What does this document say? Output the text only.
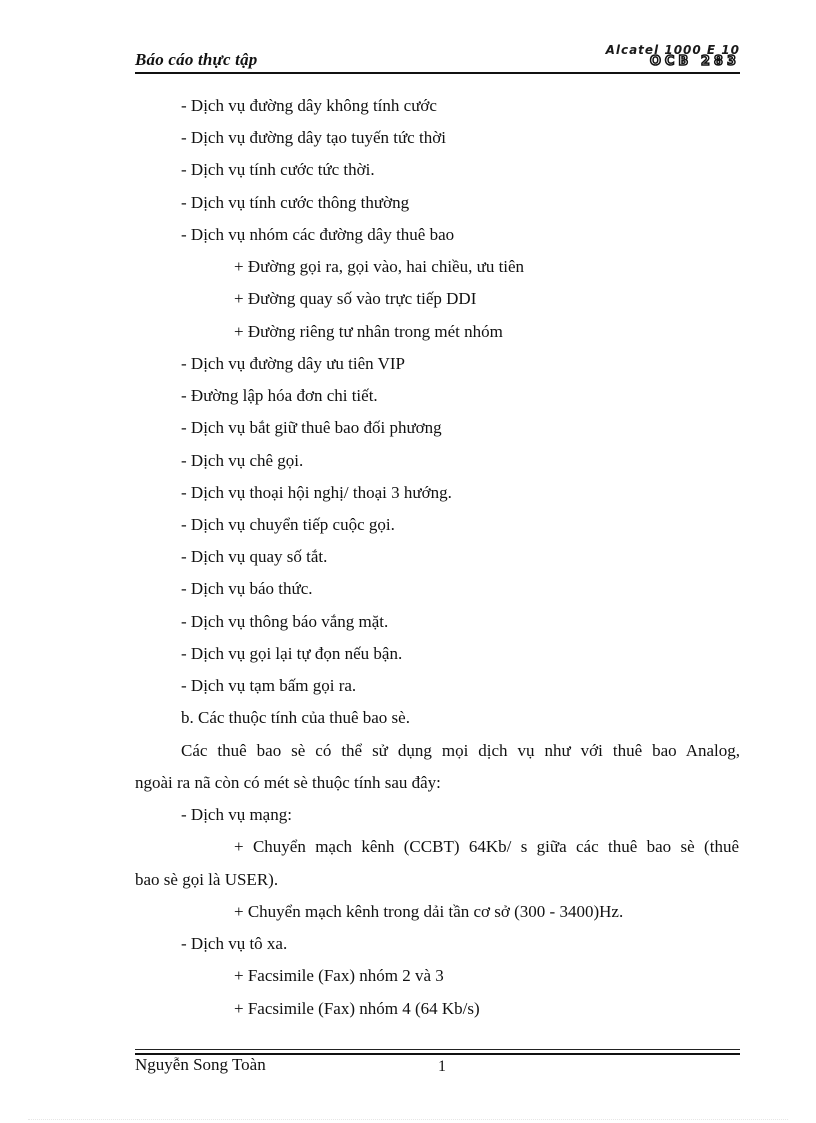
Báo cáo thực tập	Alcatel 1000 E 10
OCB 283
- Dịch vụ đường dây không tính cước
- Dịch vụ đường dây tạo tuyến tức thời
- Dịch vụ tính cước tức thời.
- Dịch vụ tính cước thông thường
- Dịch vụ nhóm các đường dây thuê bao
+ Đường gọi ra, gọi vào, hai chiều, ưu tiên
+ Đường quay số vào trực tiếp DDI
+ Đường riêng tư nhân trong mét nhóm
- Dịch vụ đường dây ưu tiên VIP
- Đường lập hóa đơn chi tiết.
- Dịch vụ bắt giữ thuê bao đối phương
- Dịch vụ chê gọi.
- Dịch vụ thoại hội nghị/ thoại 3 hướng.
- Dịch vụ chuyển tiếp cuộc gọi.
- Dịch vụ quay số tắt.
- Dịch vụ báo thức.
- Dịch vụ thông báo vắng mặt.
- Dịch vụ gọi lại tự đọn nếu bận.
- Dịch vụ tạm bấm gọi ra.
b. Các thuộc tính của thuê bao sè.
Các thuê bao sè có thể sử dụng mọi dịch vụ như với thuê bao Analog,
ngoài ra nã còn có mét sè thuộc tính sau đây:
- Dịch vụ mạng:
+ Chuyển mạch kênh (CCBT) 64Kb/ s giữa các thuê bao sè (thuê
bao sè gọi là USER).
+ Chuyển mạch kênh trong dải tần cơ sở (300 - 3400)Hz.
- Dịch vụ tô xa.
+ Facsimile (Fax) nhóm 2 và 3
+ Facsimile (Fax) nhóm 4 (64 Kb/s)
Nguyễn Song Toàn	1
